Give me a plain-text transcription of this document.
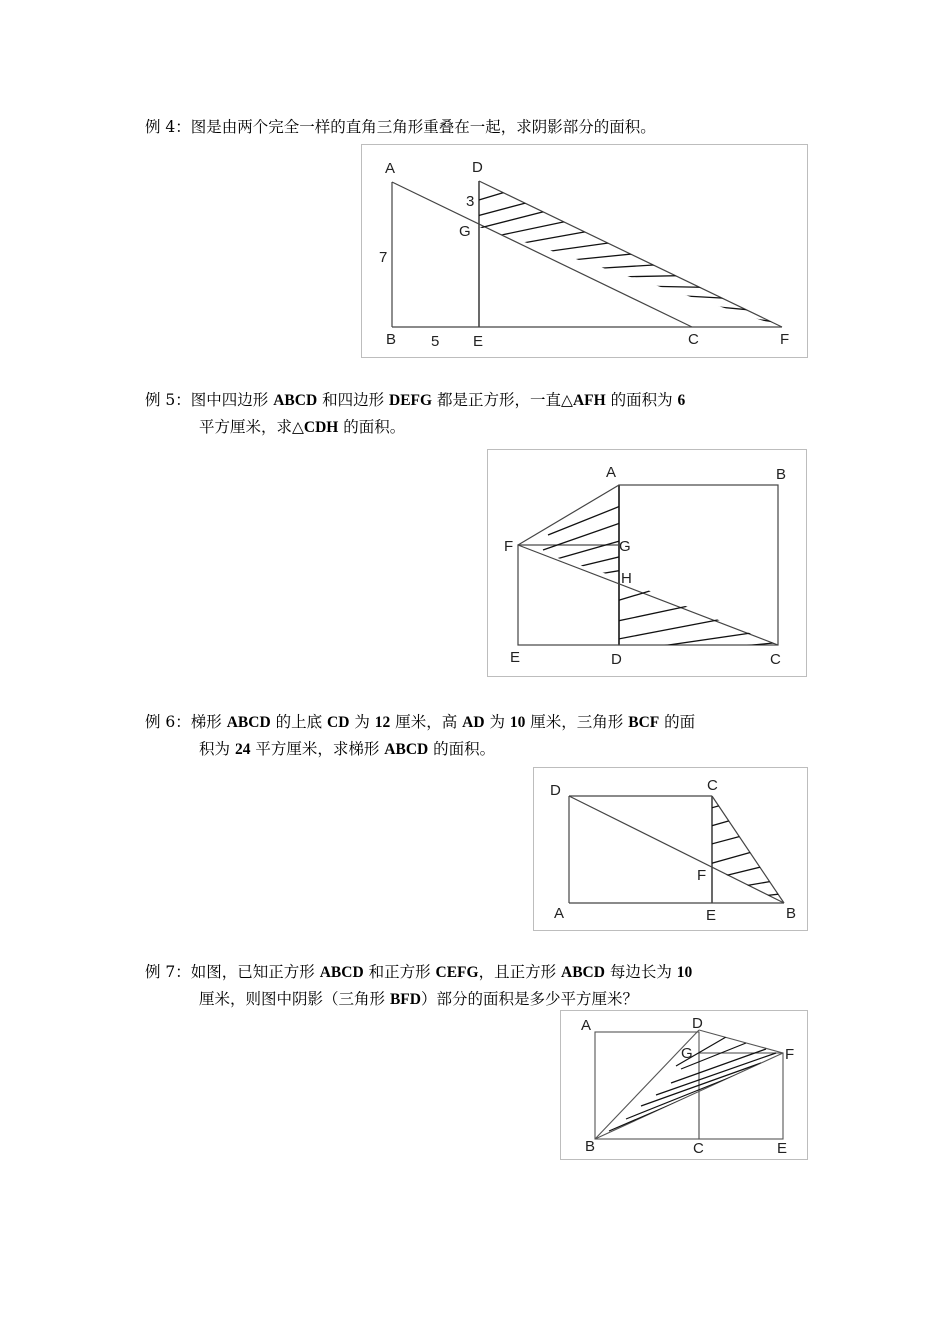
例 4：图是由两个完全一样的直角三角形重叠在一起，求阴影部分的面积。
A	D
3
G
7
B 5 E	C	F
例 5：图中四边形 ABCD 和四边形 DEFG 都是正方形，一直△AFH 的面积为 6
平方厘米，求△CDH 的面积。
A	B
F	G
H
E	D	C
例 6：梯形 ABCD 的上底 CD 为 12 厘米，高 AD 为 10 厘米，三角形 BCF 的面
积为 24 平方厘米，求梯形 ABCD 的面积。
D	C
F
A	E	B
例 7：如图，已知正方形 ABCD 和正方形 CEFG，且正方形 ABCD 每边长为 10
厘米，则图中阴影（三角形 BFD）部分的面积是多少平方厘米？
A	D
G	F
B	C	E
